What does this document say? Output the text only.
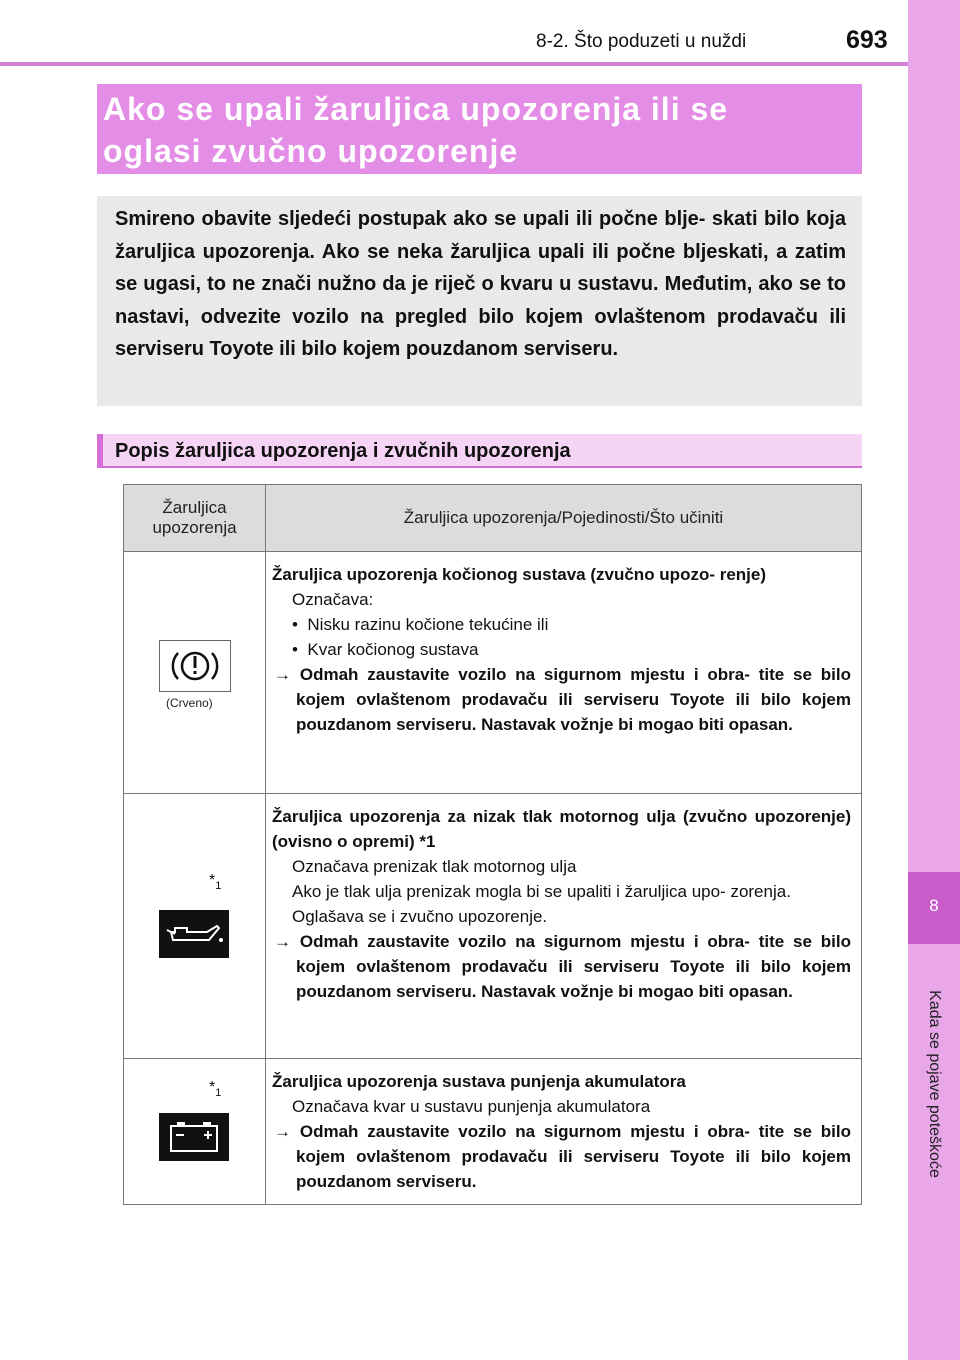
8-2. Što poduzeti u nuždi	693
8
Kada se pojave poteškoće
Ako se upali žaruljica upozorenja ili se
oglasi zvučno upozorenje
Smireno obavite sljedeći postupak ako se upali ili počne blje- skati bilo koja žaruljica upozorenja. Ako se neka žaruljica upali ili počne bljeskati, a zatim se ugasi, to ne znači nužno da je riječ o kvaru u sustavu. Međutim, ako se to nastavi, odvezite vozilo na pregled bilo kojem ovlaštenom prodavaču ili serviseru Toyote ili bilo kojem pouzdanom serviseru.
Popis žaruljica upozorenja i zvučnih upozorenja
Žaruljica upozorenja	Žaruljica upozorenja/Pojedinosti/Što učiniti

(Crveno)	Žaruljica upozorenja kočionog sustava (zvučno upozo- renje)
Označava:
•  Nisku razinu kočione tekućine ili
•  Kvar kočionog sustava
→ Odmah zaustavite vozilo na sigurnom mjestu i obra- tite se bilo kojem ovlaštenom prodavaču ili serviseru Toyote ili bilo kojem pouzdanom serviseru. Nastavak vožnje bi mogao biti opasan.

$*_1$	Žaruljica upozorenja za nizak tlak motornog ulja (zvučno upozorenje) (ovisno o opremi) *1
Označava prenizak tlak motornog ulja
Ako je tlak ulja prenizak mogla bi se upaliti i žaruljica upo- zorenja.
Oglašava se i zvučno upozorenje.
→ Odmah zaustavite vozilo na sigurnom mjestu i obra- tite se bilo kojem ovlaštenom prodavaču ili serviseru Toyote ili bilo kojem pouzdanom serviseru. Nastavak vožnje bi mogao biti opasan.

$*_1$	Žaruljica upozorenja sustava punjenja akumulatora
Označava kvar u sustavu punjenja akumulatora
→ Odmah zaustavite vozilo na sigurnom mjestu i obra- tite se bilo kojem ovlaštenom prodavaču ili serviseru Toyote ili bilo kojem pouzdanom serviseru.
